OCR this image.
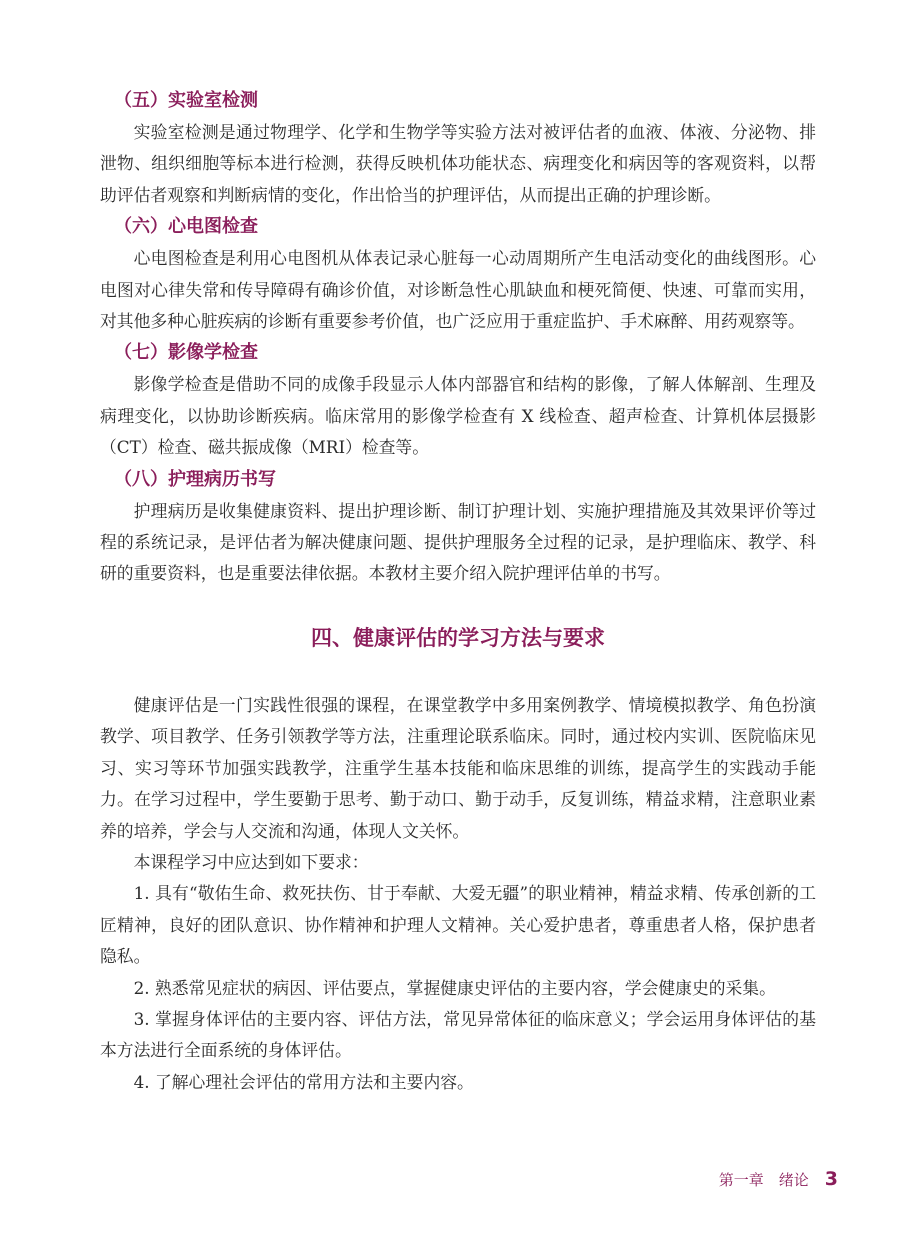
（五）实验室检测

实验室检测是通过物理学、化学和生物学等实验方法对被评估者的血液、体液、分泌物、排泄物、组织细胞等标本进行检测，获得反映机体功能状态、病理变化和病因等的客观资料，以帮助评估者观察和判断病情的变化，作出恰当的护理评估，从而提出正确的护理诊断。

（六）心电图检查

心电图检查是利用心电图机从体表记录心脏每一心动周期所产生电活动变化的曲线图形。心电图对心律失常和传导障碍有确诊价值，对诊断急性心肌缺血和梗死简便、快速、可靠而实用，对其他多种心脏疾病的诊断有重要参考价值，也广泛应用于重症监护、手术麻醉、用药观察等。

（七）影像学检查

影像学检查是借助不同的成像手段显示人体内部器官和结构的影像，了解人体解剖、生理及病理变化，以协助诊断疾病。临床常用的影像学检查有 X 线检查、超声检查、计算机体层摄影（CT）检查、磁共振成像（MRI）检查等。

（八）护理病历书写

护理病历是收集健康资料、提出护理诊断、制订护理计划、实施护理措施及其效果评价等过程的系统记录，是评估者为解决健康问题、提供护理服务全过程的记录，是护理临床、教学、科研的重要资料，也是重要法律依据。本教材主要介绍入院护理评估单的书写。

四、健康评估的学习方法与要求

健康评估是一门实践性很强的课程，在课堂教学中多用案例教学、情境模拟教学、角色扮演教学、项目教学、任务引领教学等方法，注重理论联系临床。同时，通过校内实训、医院临床见习、实习等环节加强实践教学，注重学生基本技能和临床思维的训练，提高学生的实践动手能力。在学习过程中，学生要勤于思考、勤于动口、勤于动手，反复训练，精益求精，注意职业素养的培养，学会与人交流和沟通，体现人文关怀。

本课程学习中应达到如下要求：

1. 具有“敬佑生命、救死扶伤、甘于奉献、大爱无疆”的职业精神，精益求精、传承创新的工匠精神，良好的团队意识、协作精神和护理人文精神。关心爱护患者，尊重患者人格，保护患者隐私。

2. 熟悉常见症状的病因、评估要点，掌握健康史评估的主要内容，学会健康史的采集。

3. 掌握身体评估的主要内容、评估方法，常见异常体征的临床意义；学会运用身体评估的基本方法进行全面系统的身体评估。

4. 了解心理社会评估的常用方法和主要内容。

第一章　绪论 3
